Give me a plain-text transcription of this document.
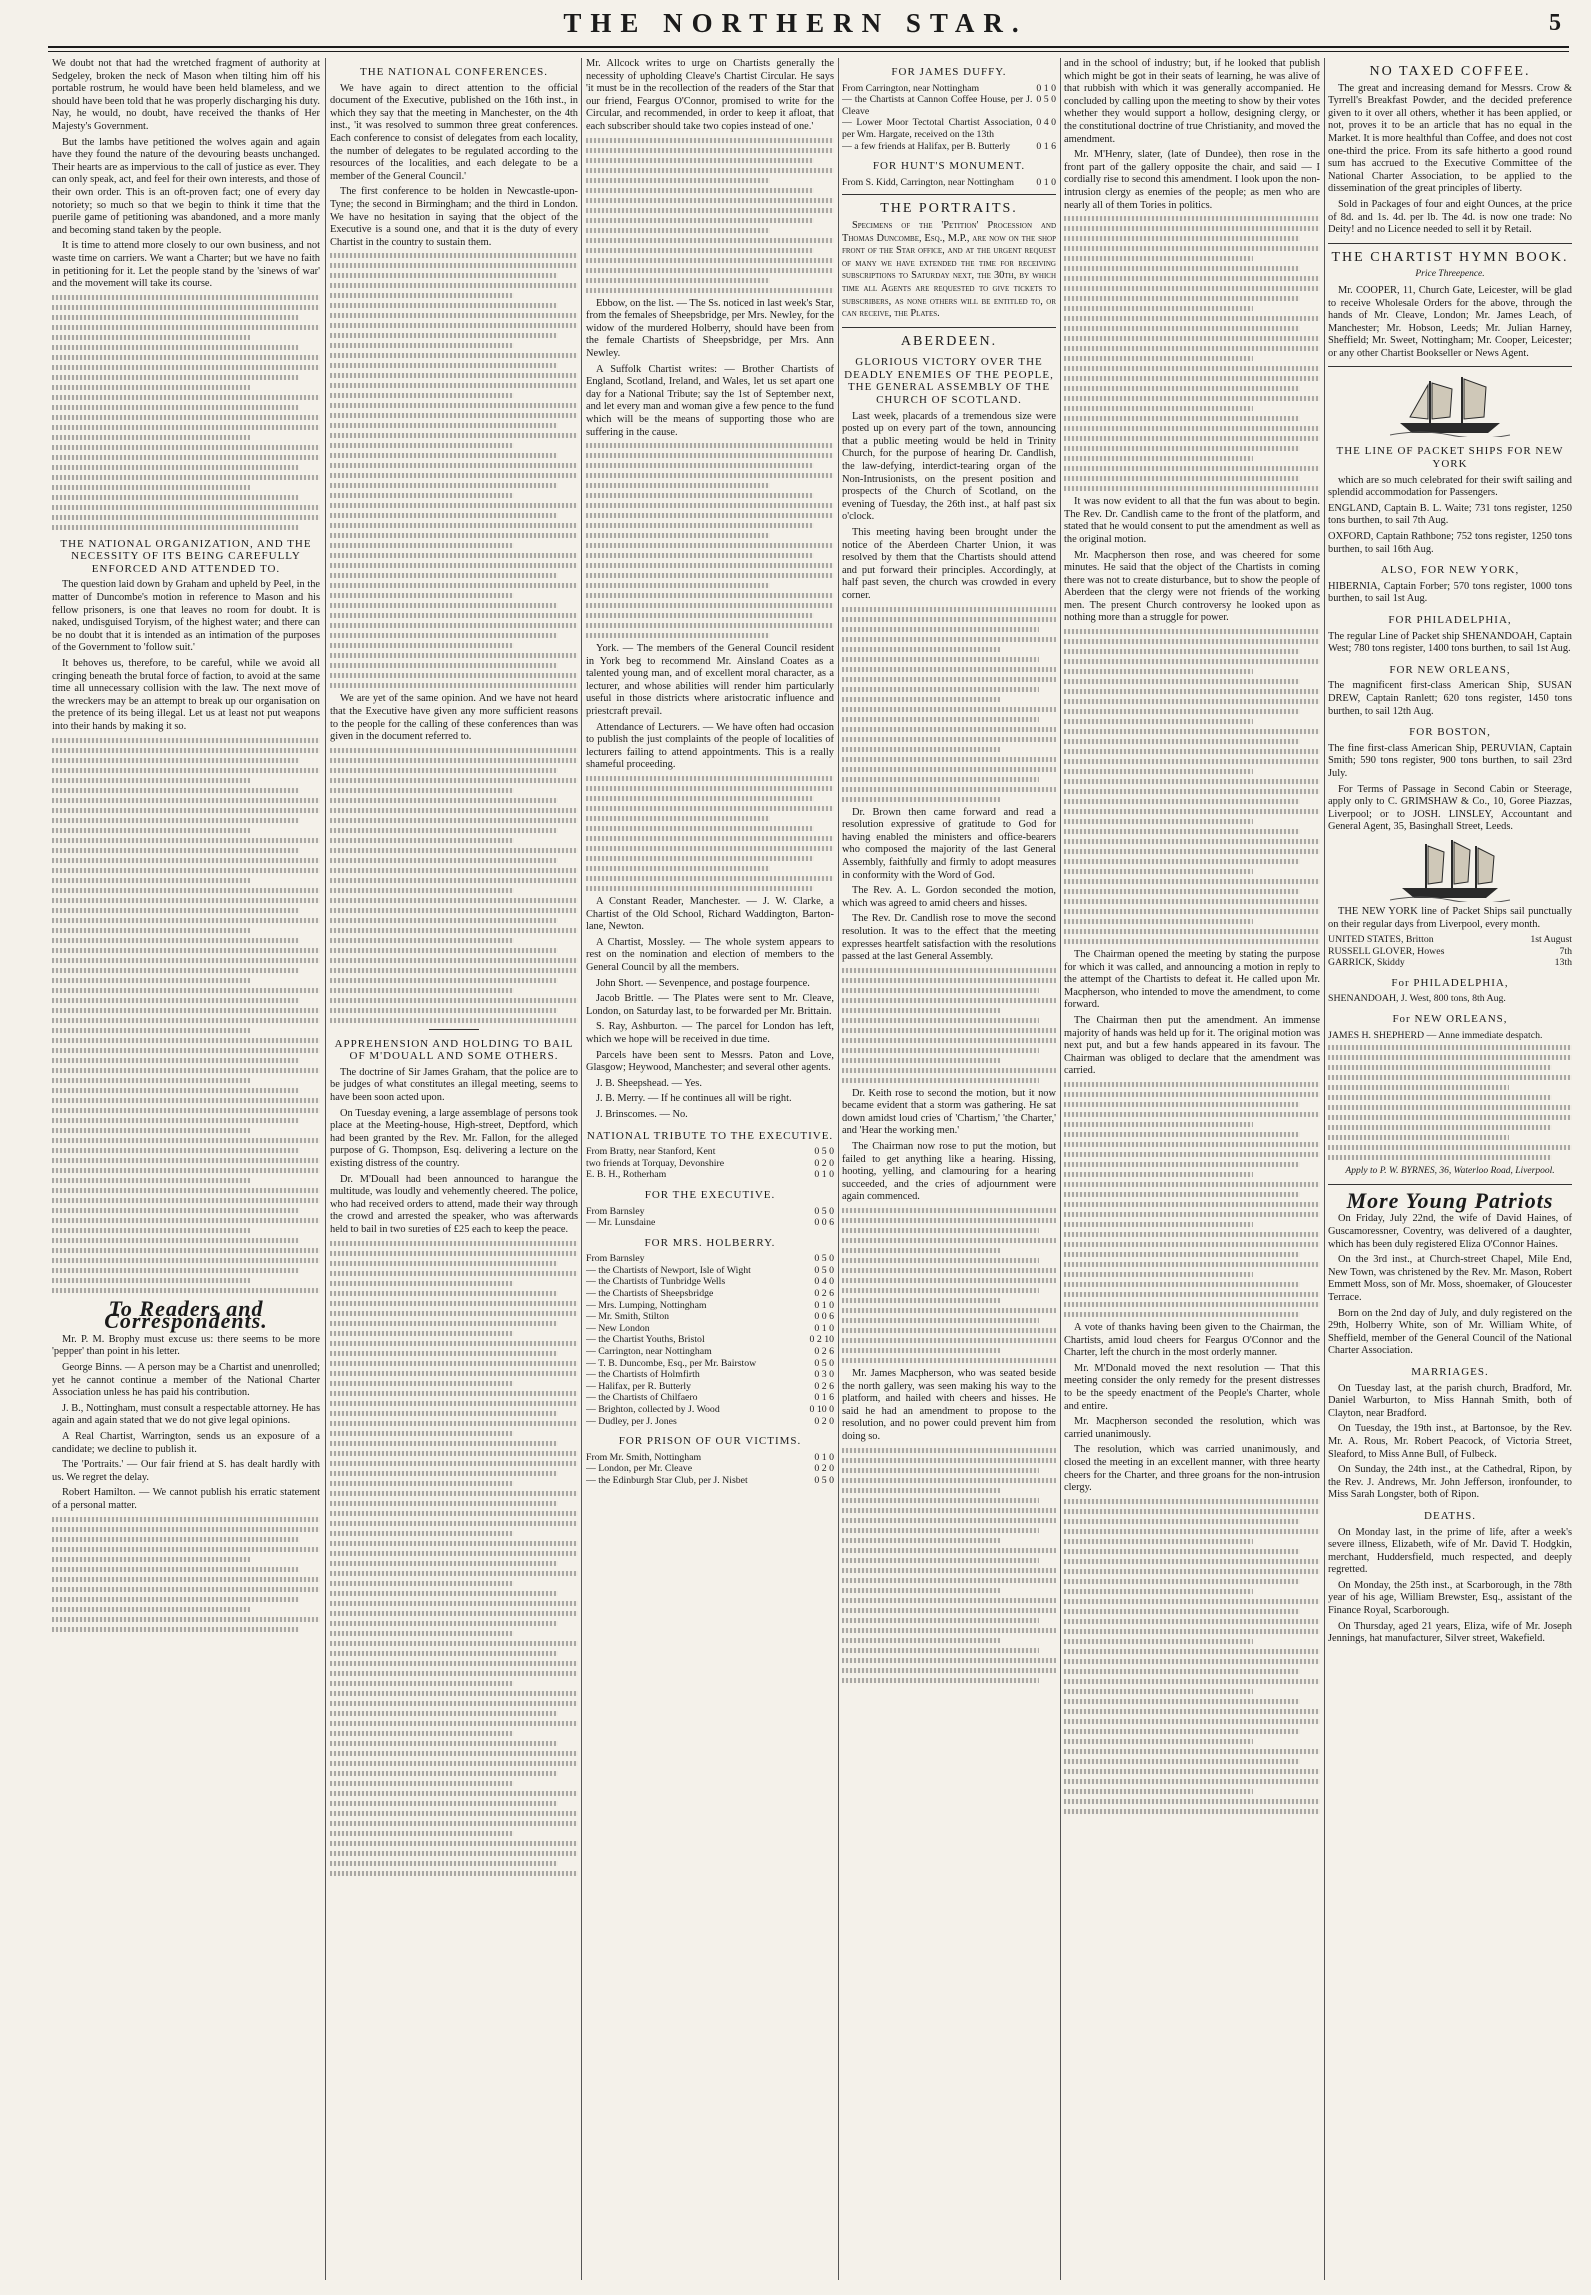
THE NORTHERN STAR.	5

We doubt not that had the wretched fragment of authority at Sedgeley, broken the neck of Mason when tilting him off his portable rostrum, he would have been held blameless, and we should have been told that he was properly discharging his duty. Nay, he would, no doubt, have received the thanks of Her Majesty's Government.

But the lambs have petitioned the wolves again and again have they found the nature of the devouring beasts unchanged. Their hearts are as impervious to the call of justice as ever. They can only speak, act, and feel for their own interests, and those of their own order. This is an oft-proven fact; one of every day notoriety; so much so that we begin to think it time that the puerile game of petitioning was abandoned, and a more manly and becoming stand taken by the people.

It is time to attend more closely to our own business, and not waste time on carriers. We want a Charter; but we have no faith in petitioning for it. Let the people stand by the 'sinews of war' and the movement will take its course.

THE NATIONAL ORGANIZATION, AND THE NECESSITY OF ITS BEING CAREFULLY ENFORCED AND ATTENDED TO.

The question laid down by Graham and upheld by Peel, in the matter of Duncombe's motion in reference to Mason and his fellow prisoners, is one that leaves no room for doubt. It is naked, undisguised Toryism, of the highest water; and there can be no doubt that it is intended as an intimation of the purposes of the Government to 'follow suit.'

It behoves us, therefore, to be careful, while we avoid all cringing beneath the brutal force of faction, to avoid at the same time all unnecessary collision with the law. The next move of the wreckers may be an attempt to break up our organisation on the pretence of its being illegal. Let us at least not put weapons into their hands by making it so.

To Readers and Correspondents.

Mr. P. M. Brophy must excuse us: there seems to be more 'pepper' than point in his letter.

George Binns. — A person may be a Chartist and unenrolled; yet he cannot continue a member of the National Charter Association unless he has paid his contribution.

J. B., Nottingham, must consult a respectable attorney. He has again and again stated that we do not give legal opinions.

A Real Chartist, Warrington, sends us an exposure of a candidate; we decline to publish it.

The 'Portraits.' — Our fair friend at S. has dealt hardly with us. We regret the delay.

Robert Hamilton. — We cannot publish his erratic statement of a personal matter.

THE NATIONAL CONFERENCES.

We have again to direct attention to the official document of the Executive, published on the 16th inst., in which they say that the meeting in Manchester, on the 4th inst., 'it was resolved to summon three great conferences. Each conference to consist of delegates from each locality, the number of delegates to be regulated according to the resources of the localities, and each delegate to be a member of the General Council.'

The first conference to be holden in Newcastle-upon-Tyne; the second in Birmingham; and the third in London. We have no hesitation in saying that the object of the Executive is a sound one, and that it is the duty of every Chartist in the country to sustain them.

We are yet of the same opinion. And we have not heard that the Executive have given any more sufficient reasons to the people for the calling of these conferences than was given in the document referred to.

APPREHENSION AND HOLDING TO BAIL OF M'DOUALL AND SOME OTHERS.

The doctrine of Sir James Graham, that the police are to be judges of what constitutes an illegal meeting, seems to have been soon acted upon.

On Tuesday evening, a large assemblage of persons took place at the Meeting-house, High-street, Deptford, which had been granted by the Rev. Mr. Fallon, for the alleged purpose of G. Thompson, Esq. delivering a lecture on the existing distress of the country.

Dr. M'Douall had been announced to harangue the multitude, was loudly and vehemently cheered. The police, who had received orders to attend, made their way through the crowd and arrested the speaker, who was afterwards held to bail in two sureties of £25 each to keep the peace.

Mr. Allcock writes to urge on Chartists generally the necessity of upholding Cleave's Chartist Circular. He says 'it must be in the recollection of the readers of the Star that our friend, Feargus O'Connor, promised to write for the Circular, and recommended, in order to keep it afloat, that each subscriber should take two copies instead of one.'

Ebbow, on the list. — The Ss. noticed in last week's Star, from the females of Sheepsbridge, per Mrs. Newley, for the widow of the murdered Holberry, should have been from the female Chartists of Sheepsbridge, per Mrs. Ann Newley.

A Suffolk Chartist writes: — Brother Chartists of England, Scotland, Ireland, and Wales, let us set apart one day for a National Tribute; say the 1st of September next, and let every man and woman give a few pence to the fund which will be the means of supporting those who are suffering in the cause.

York. — The members of the General Council resident in York beg to recommend Mr. Ainsland Coates as a talented young man, and of excellent moral character, as a lecturer, and whose abilities will render him particularly useful in those districts where aristocratic influence and priestcraft prevail.

Attendance of Lecturers. — We have often had occasion to publish the just complaints of the people of localities of lecturers failing to attend appointments. This is a really shameful proceeding.

A Constant Reader, Manchester. — J. W. Clarke, a Chartist of the Old School, Richard Waddington, Barton-lane, Newton.

A Chartist, Mossley. — The whole system appears to rest on the nomination and election of members to the General Council by all the members.

John Short. — Sevenpence, and postage fourpence.

Jacob Brittle. — The Plates were sent to Mr. Cleave, London, on Saturday last, to be forwarded per Mr. Brittain.

S. Ray, Ashburton. — The parcel for London has left, which we hope will be received in due time.

Parcels have been sent to Messrs. Paton and Love, Glasgow; Heywood, Manchester; and several other agents.

J. B. Sheepshead. — Yes.

J. B. Merry. — If he continues all will be right.

J. Brinscomes. — No.

NATIONAL TRIBUTE TO THE EXECUTIVE.
From Bratty, near Stanford, Kent	0 5 0
two friends at Torquay, Devonshire	0 2 0
E. B. H., Rotherham	0 1 0
FOR THE EXECUTIVE.
From Barnsley	0 5 0
— Mr. Lunsdaine	0 0 6
FOR MRS. HOLBERRY.
From Barnsley	0 5 0
— the Chartists of Newport, Isle of Wight	0 5 0
— the Chartists of Tunbridge Wells	0 4 0
— the Chartists of Sheepsbridge	0 2 6
— Mrs. Lumping, Nottingham	0 1 0
— Mr. Smith, Stilton	0 0 6
— New London	0 1 0
— the Chartist Youths, Bristol	0 2 10
— Carrington, near Nottingham	0 2 6
— T. B. Duncombe, Esq., per Mr. Bairstow	0 5 0
— the Chartists of Holmfirth	0 3 0
— Halifax, per R. Butterly	0 2 6
— the Chartists of Chilfaero	0 1 6
— Brighton, collected by J. Wood	0 10 0
— Dudley, per J. Jones	0 2 0
FOR PRISON OF OUR VICTIMS.
From Mr. Smith, Nottingham	0 1 0
— London, per Mr. Cleave	0 2 0
— the Edinburgh Star Club, per J. Nisbet	0 5 0
FOR JAMES DUFFY.
From Carrington, near Nottingham	0 1 0
— the Chartists at Cannon Coffee House, per J. Cleave
0 5 0
— Lower Moor Tectotal Chartist Association, per Wm. Hargate, received on the 13th
0 4 0
— a few friends at Halifax, per B. Butterly	0 1 6
FOR HUNT'S MONUMENT.
From S. Kidd, Carrington, near Nottingham	0 1 0
THE PORTRAITS.

Specimens of the 'Petition' Procession and Thomas Duncombe, Esq., M.P., are now on the shop front of the Star office, and at the urgent request of many we have extended the time for receiving subscriptions to Saturday next, the 30th, by which time all Agents are requested to give tickets to subscribers, as none others will be entitled to, or can receive, the Plates.

ABERDEEN.
GLORIOUS VICTORY OVER THE DEADLY ENEMIES OF THE PEOPLE, THE GENERAL ASSEMBLY OF THE CHURCH OF SCOTLAND.

Last week, placards of a tremendous size were posted up on every part of the town, announcing that a public meeting would be held in Trinity Church, for the purpose of hearing Dr. Candlish, the law-defying, interdict-tearing organ of the Non-Intrusionists, on the present position and prospects of the Church of Scotland, on the evening of Tuesday, the 26th inst., at half past six o'clock.

This meeting having been brought under the notice of the Aberdeen Charter Union, it was resolved by them that the Chartists should attend and put forward their principles. Accordingly, at half past seven, the church was crowded in every corner.

Dr. Brown then came forward and read a resolution expressive of gratitude to God for having enabled the ministers and office-bearers who composed the majority of the last General Assembly, faithfully and firmly to adopt measures in conformity with the Word of God.

The Rev. A. L. Gordon seconded the motion, which was agreed to amid cheers and hisses.

The Rev. Dr. Candlish rose to move the second resolution. It was to the effect that the meeting expresses heartfelt satisfaction with the resolutions passed at the last General Assembly.

Dr. Keith rose to second the motion, but it now became evident that a storm was gathering. He sat down amidst loud cries of 'Chartism,' 'the Charter,' and 'Hear the working men.'

The Chairman now rose to put the motion, but failed to get anything like a hearing. Hissing, hooting, yelling, and clamouring for a hearing succeeded, and the cries of adjournment were again commenced.

Mr. James Macpherson, who was seated beside the north gallery, was seen making his way to the platform, and hailed with cheers and hisses. He said he had an amendment to propose to the resolution, and no power could prevent him from doing so.

and in the school of industry; but, if he looked that publish which might be got in their seats of learning, he was alive of that rubbish with which it was generally accompanied. He concluded by calling upon the meeting to show by their votes whether they would support a hollow, designing clergy, or the constitutional doctrine of true Christianity, and moved the amendment.

Mr. M'Henry, slater, (late of Dundee), then rose in the front part of the gallery opposite the chair, and said — I cordially rise to second this amendment. I look upon the non-intrusion clergy as enemies of the people; as men who are nearly all of them Tories in politics.

It was now evident to all that the fun was about to begin. The Rev. Dr. Candlish came to the front of the platform, and stated that he would consent to put the amendment as well as the original motion.

Mr. Macpherson then rose, and was cheered for some minutes. He said that the object of the Chartists in coming there was not to create disturbance, but to show the people of Aberdeen that the clergy were not friends of the working men. The present Church controversy he looked upon as nothing more than a struggle for power.

The Chairman opened the meeting by stating the purpose for which it was called, and announcing a motion in reply to the attempt of the Chartists to defeat it. He called upon Mr. Macpherson, who intended to move the amendment, to come forward.

The Chairman then put the amendment. An immense majority of hands was held up for it. The original motion was next put, and but a few hands appeared in its favour. The Chairman was obliged to declare that the amendment was carried.

A vote of thanks having been given to the Chairman, the Chartists, amid loud cheers for Feargus O'Connor and the Charter, left the church in the most orderly manner.

Mr. M'Donald moved the next resolution — That this meeting consider the only remedy for the present distresses to be the speedy enactment of the People's Charter, whole and entire.

Mr. Macpherson seconded the resolution, which was carried unanimously.

The resolution, which was carried unanimously, and closed the meeting in an excellent manner, with three hearty cheers for the Charter, and three groans for the non-intrusion clergy.

NO TAXED COFFEE.

The great and increasing demand for Messrs. Crow & Tyrrell's Breakfast Powder, and the decided preference given to it over all others, whether it has been applied, or not, proves it to be an article that has no equal in the Market. It is more healthful than Coffee, and does not cost one-third the price. From its safe hitherto a good round sum has accrued to the Executive Committee of the National Charter Association, to be applied to the dissemination of the great principles of liberty.

Sold in Packages of four and eight Ounces, at the price of 8d. and 1s. 4d. per lb. The 4d. is now one trade: No Deity! and no Licence needed to sell it by Retail.

THE CHARTIST HYMN BOOK.
Price Threepence.

Mr. COOPER, 11, Church Gate, Leicester, will be glad to receive Wholesale Orders for the above, through the hands of Mr. Cleave, London; Mr. James Leach, of Manchester; Mr. Hobson, Leeds; Mr. Julian Harney, Sheffield; Mr. Sweet, Nottingham; Mr. Cooper, Leicester; or any other Chartist Bookseller or News Agent.

THE LINE OF PACKET SHIPS FOR NEW YORK

which are so much celebrated for their swift sailing and splendid accommodation for Passengers.

ENGLAND, Captain B. L. Waite; 731 tons register, 1250 tons burthen, to sail 7th Aug.

OXFORD, Captain Rathbone; 752 tons register, 1250 tons burthen, to sail 16th Aug.

ALSO, FOR NEW YORK,

HIBERNIA, Captain Forber; 570 tons register, 1000 tons burthen, to sail 1st Aug.

FOR PHILADELPHIA,

The regular Line of Packet ship SHENANDOAH, Captain West; 780 tons register, 1400 tons burthen, to sail 1st Aug.

FOR NEW ORLEANS,

The magnificent first-class American Ship, SUSAN DREW, Captain Ranlett; 620 tons register, 1450 tons burthen, to sail 12th Aug.

FOR BOSTON,

The fine first-class American Ship, PERUVIAN, Captain Smith; 590 tons register, 900 tons burthen, to sail 23rd July.

For Terms of Passage in Second Cabin or Steerage, apply only to C. GRIMSHAW & Co., 10, Goree Piazzas, Liverpool; or to JOSH. LINSLEY, Accountant and General Agent, 35, Basinghall Street, Leeds.

THE NEW YORK line of Packet Ships sail punctually on their regular days from Liverpool, every month.

UNITED STATES, Britton	1st August
RUSSELL GLOVER, Howes	7th
GARRICK, Skiddy	13th
For PHILADELPHIA,
SHENANDOAH, J. West, 800 tons, 8th Aug.
For NEW ORLEANS,
JAMES H. SHEPHERD — Anne immediate despatch.
Apply to P. W. BYRNES, 36, Waterloo Road, Liverpool.
More Young Patriots

On Friday, July 22nd, the wife of David Haines, of Guscamoressner, Coventry, was delivered of a daughter, which has been duly registered Eliza O'Connor Haines.

On the 3rd inst., at Church-street Chapel, Mile End, New Town, was christened by the Rev. Mr. Mason, Robert Emmett Moss, son of Mr. Moss, shoemaker, of Gloucester Terrace.

Born on the 2nd day of July, and duly registered on the 29th, Holberry White, son of Mr. William White, of Sheffield, member of the General Council of the National Charter Association.

MARRIAGES.

On Tuesday last, at the parish church, Bradford, Mr. Daniel Warburton, to Miss Hannah Smith, both of Clayton, near Bradford.

On Tuesday, the 19th inst., at Bartonsoe, by the Rev. Mr. A. Rous, Mr. Robert Peacock, of Victoria Street, Sleaford, to Miss Anne Bull, of Fulbeck.

On Sunday, the 24th inst., at the Cathedral, Ripon, by the Rev. J. Andrews, Mr. John Jefferson, ironfounder, to Miss Sarah Longster, both of Ripon.

DEATHS.

On Monday last, in the prime of life, after a week's severe illness, Elizabeth, wife of Mr. David T. Hodgkin, merchant, Huddersfield, much respected, and deeply regretted.

On Monday, the 25th inst., at Scarborough, in the 78th year of his age, William Brewster, Esq., assistant of the Finance Royal, Scarborough.

On Thursday, aged 21 years, Eliza, wife of Mr. Joseph Jennings, hat manufacturer, Silver street, Wakefield.
